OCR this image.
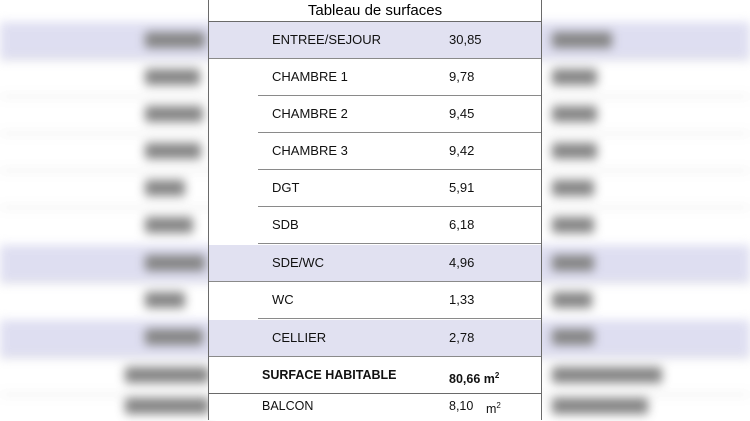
Tableau de surfaces
ENTREE/SEJOUR	30,85
CHAMBRE 1	9,78
CHAMBRE 2	9,45
CHAMBRE 3	9,42
DGT	5,91
SDB	6,18
SDE/WC	4,96
WC	1,33
CELLIER	2,78
SURFACE HABITABLE	80,66 $m^2$
BALCON	8,10 $m^2$
